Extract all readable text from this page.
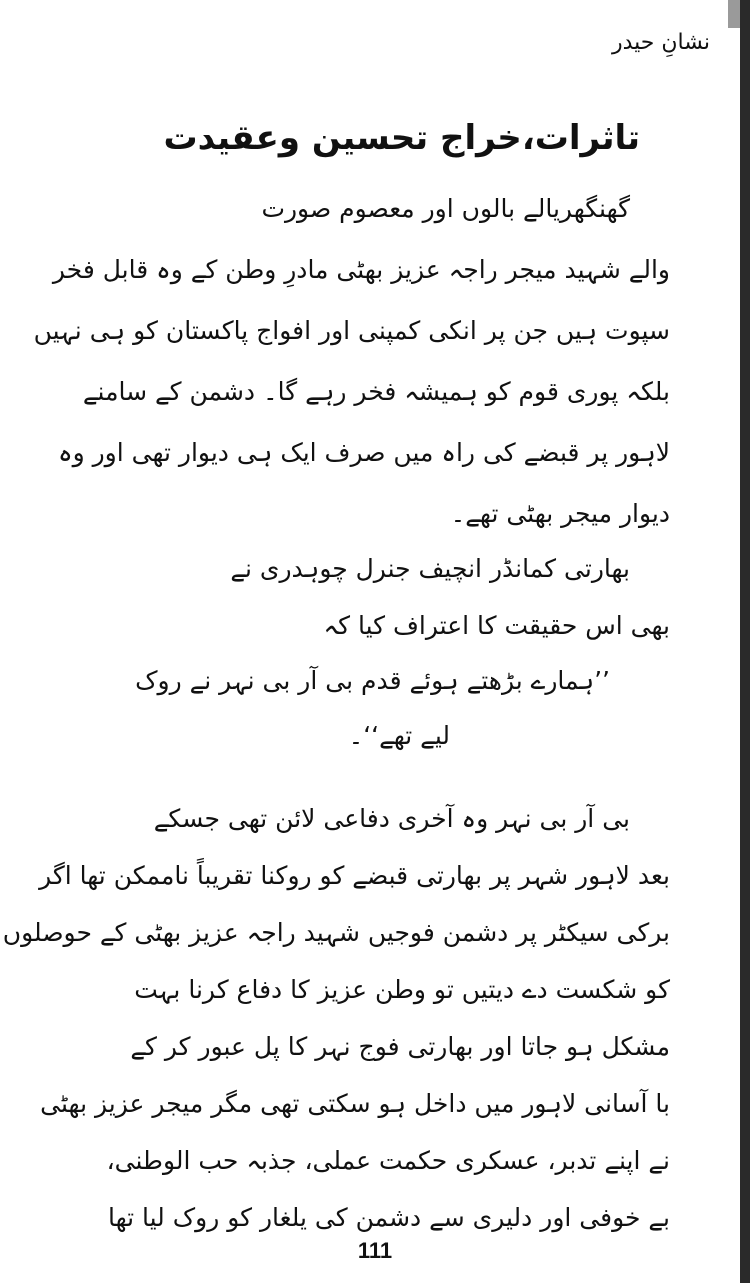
نشانِ حیدر
تاثرات،خراج تحسین وعقیدت
گھنگھریالے بالوں اور معصوم صورت
والے شہید میجر راجہ عزیز بھٹی مادرِ وطن کے وہ قابل فخر
سپوت ہیں جن پر انکی کمپنی اور افواج پاکستان کو ہی نہیں
بلکہ پوری قوم کو ہمیشہ فخر رہے گا۔ دشمن کے سامنے
لاہور پر قبضے کی راہ میں صرف ایک ہی دیوار تھی اور وہ
دیوار میجر بھٹی تھے۔
بھارتی کمانڈر انچیف جنرل چوہدری نے
بھی اس حقیقت کا اعتراف کیا کہ
’’ہمارے بڑھتے ہوئے قدم بی آر بی نہر نے روک
لیے تھے‘‘۔
بی آر بی نہر وہ آخری دفاعی لائن تھی جسکے
بعد لاہور شہر پر بھارتی قبضے کو روکنا تقریباً ناممکن تھا اگر
برکی سیکٹر پر دشمن فوجیں شہید راجہ عزیز بھٹی کے حوصلوں
کو شکست دے دیتیں تو وطن عزیز کا دفاع کرنا بہت
مشکل ہو جاتا اور بھارتی فوج نہر کا پل عبور کر کے
با آسانی لاہور میں داخل ہو سکتی تھی مگر میجر عزیز بھٹی
نے اپنے تدبر، عسکری حکمت عملی، جذبہ حب الوطنی،
بے خوفی اور دلیری سے دشمن کی یلغار کو روک لیا تھا
111
